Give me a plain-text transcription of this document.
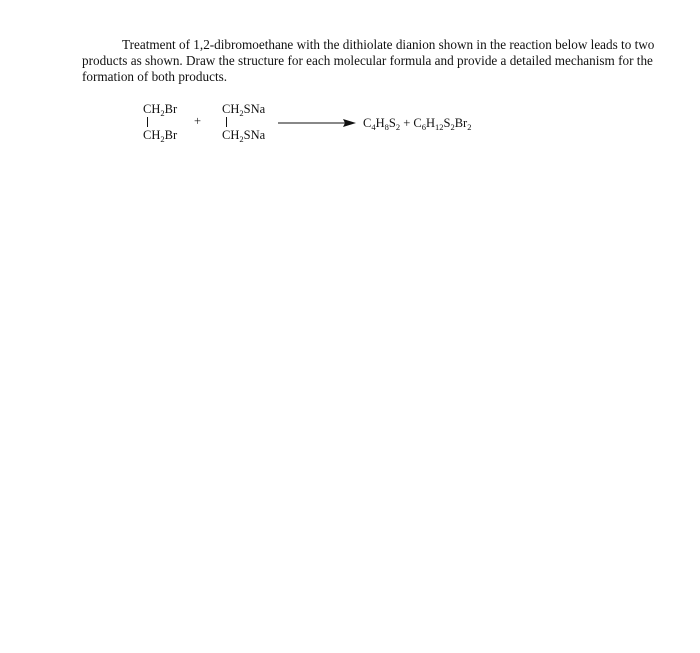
Treatment of 1,2-dibromoethane with the dithiolate dianion shown in the reaction below leads to two products as shown. Draw the structure for each molecular formula and provide a detailed mechanism for the formation of both products.

$CH_2Br$
$CH_2Br$
+
$CH_2SNa$
$CH_2SNa$
$C_4H_8S_2 + C_6H_{12}S_2Br_2$
